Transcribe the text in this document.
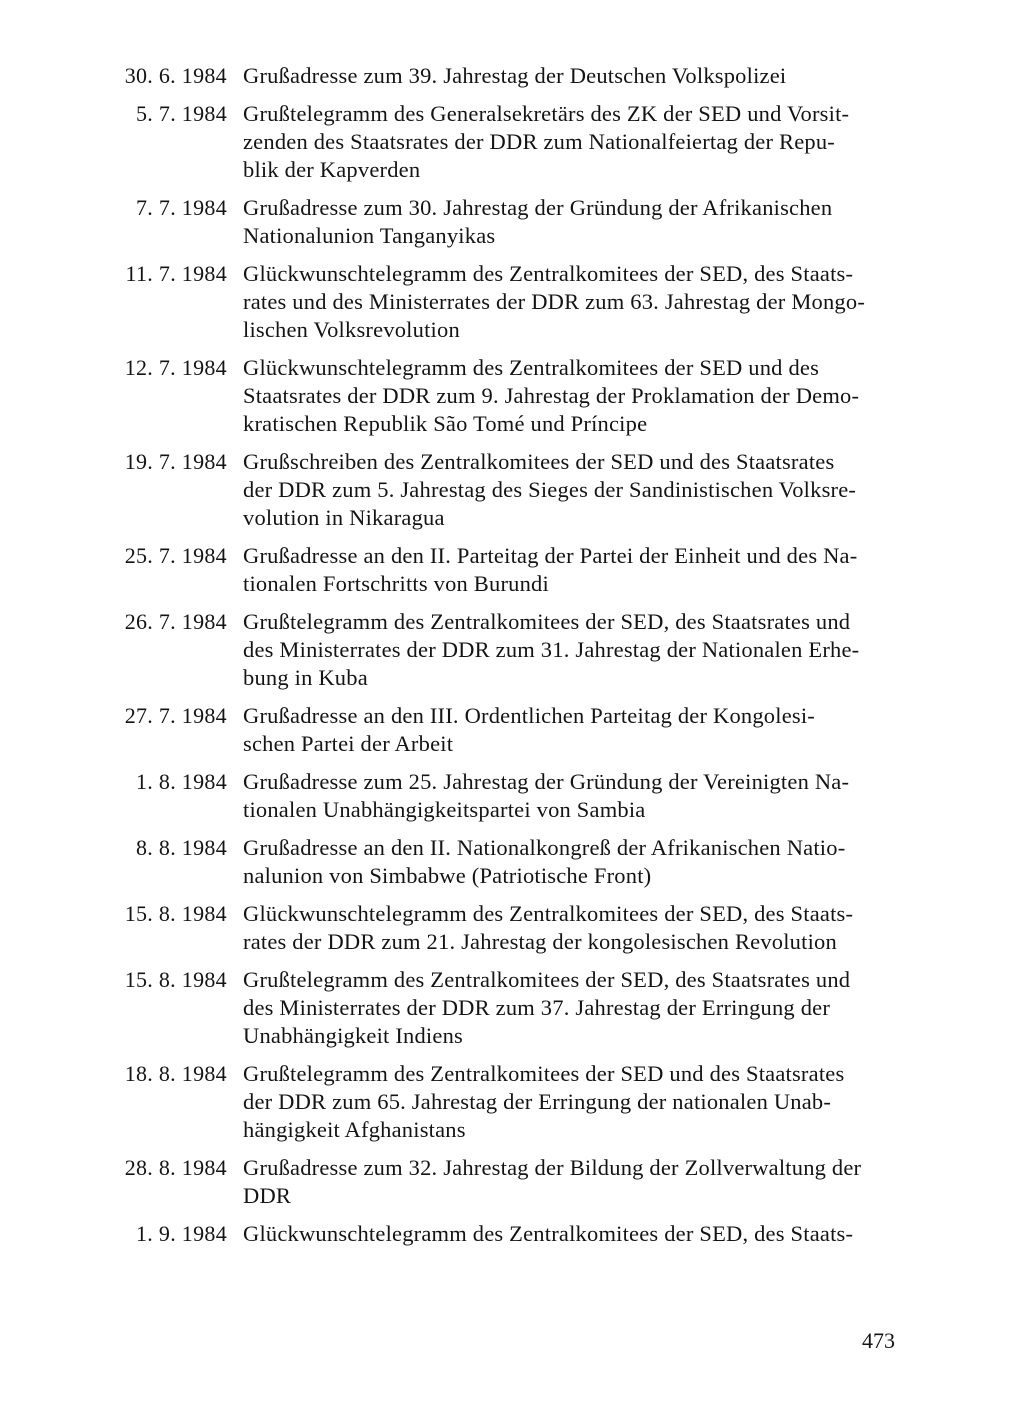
30. 6. 1984 Grußadresse zum 39. Jahrestag der Deutschen Volkspolizei
5. 7. 1984 Grußtelegramm des Generalsekretärs des ZK der SED und Vorsit-
zenden des Staatsrates der DDR zum Nationalfeiertag der Repu-
blik der Kapverden
7. 7. 1984 Grußadresse zum 30. Jahrestag der Gründung der Afrikanischen
Nationalunion Tanganyikas
11. 7. 1984 Glückwunschtelegramm des Zentralkomitees der SED, des Staats-
rates und des Ministerrates der DDR zum 63. Jahrestag der Mongo-
lischen Volksrevolution
12. 7. 1984 Glückwunschtelegramm des Zentralkomitees der SED und des
Staatsrates der DDR zum 9. Jahrestag der Proklamation der Demo-
kratischen Republik São Tomé und Príncipe
19. 7. 1984 Grußschreiben des Zentralkomitees der SED und des Staatsrates
der DDR zum 5. Jahrestag des Sieges der Sandinistischen Volksre-
volution in Nikaragua
25. 7. 1984 Grußadresse an den II. Parteitag der Partei der Einheit und des Na-
tionalen Fortschritts von Burundi
26. 7. 1984 Grußtelegramm des Zentralkomitees der SED, des Staatsrates und
des Ministerrates der DDR zum 31. Jahrestag der Nationalen Erhe-
bung in Kuba
27. 7. 1984 Grußadresse an den III. Ordentlichen Parteitag der Kongolesi-
schen Partei der Arbeit
1. 8. 1984 Grußadresse zum 25. Jahrestag der Gründung der Vereinigten Na-
tionalen Unabhängigkeitspartei von Sambia
8. 8. 1984 Grußadresse an den II. Nationalkongreß der Afrikanischen Natio-
nalunion von Simbabwe (Patriotische Front)
15. 8. 1984 Glückwunschtelegramm des Zentralkomitees der SED, des Staats-
rates der DDR zum 21. Jahrestag der kongolesischen Revolution
15. 8. 1984 Grußtelegramm des Zentralkomitees der SED, des Staatsrates und
des Ministerrates der DDR zum 37. Jahrestag der Erringung der
Unabhängigkeit Indiens
18. 8. 1984 Grußtelegramm des Zentralkomitees der SED und des Staatsrates
der DDR zum 65. Jahrestag der Erringung der nationalen Unab-
hängigkeit Afghanistans
28. 8. 1984 Grußadresse zum 32. Jahrestag der Bildung der Zollverwaltung der
DDR
1. 9. 1984 Glückwunschtelegramm des Zentralkomitees der SED, des Staats-
473
